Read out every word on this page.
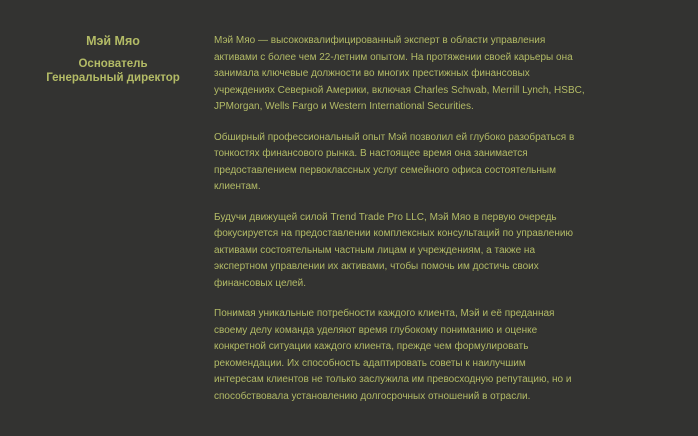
Мэй Мяо
Основатель
Генеральный директор

Мэй Мяо — высококвалифицированный эксперт в области управления
активами с более чем 22-летним опытом. На протяжении своей карьеры она
занимала ключевые должности во многих престижных финансовых
учреждениях Северной Америки, включая Charles Schwab, Merrill Lynch, HSBC,
JPMorgan, Wells Fargo и Western International Securities.

Обширный профессиональный опыт Мэй позволил ей глубоко разобраться в
тонкостях финансового рынка. В настоящее время она занимается
предоставлением первоклассных услуг семейного офиса состоятельным
клиентам.

Будучи движущей силой Trend Trade Pro LLC, Мэй Мяо в первую очередь
фокусируется на предоставлении комплексных консультаций по управлению
активами состоятельным частным лицам и учреждениям, а также на
экспертном управлении их активами, чтобы помочь им достичь своих
финансовых целей.

Понимая уникальные потребности каждого клиента, Мэй и её преданная
своему делу команда уделяют время глубокому пониманию и оценке
конкретной ситуации каждого клиента, прежде чем формулировать
рекомендации. Их способность адаптировать советы к наилучшим
интересам клиентов не только заслужила им превосходную репутацию, но и
способствовала установлению долгосрочных отношений в отрасли.
